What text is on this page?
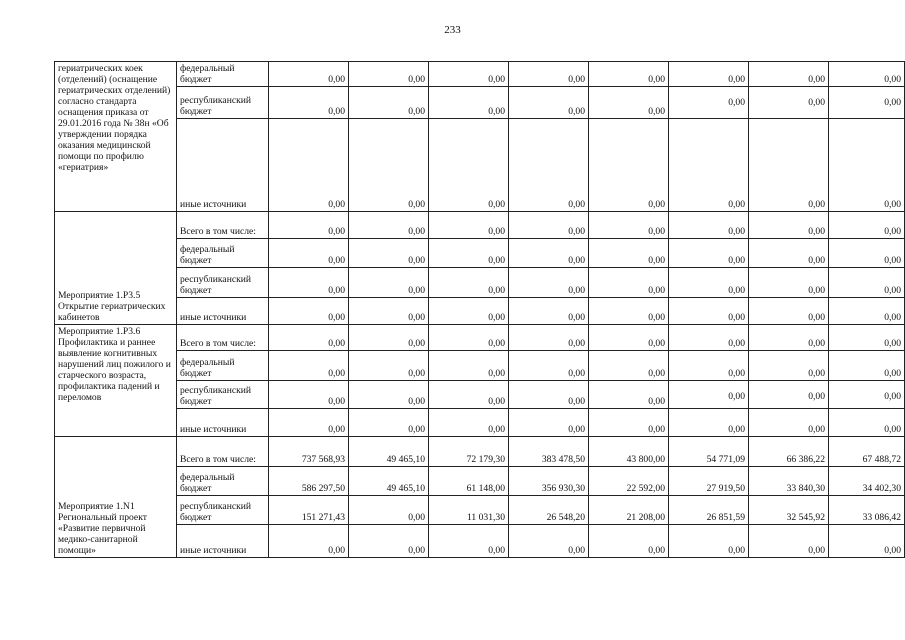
233
гериатрических коек (отделений) (оснащение гериатрических отделений) согласно стандарта оснащения приказа от 29.01.2016 года № 38н «Об утверждении порядка оказания медицинской помощи по профилю «гериатрия»	федеральный бюджет	0,00	0,00	0,00	0,00	0,00	0,00	0,00	0,00
	республиканский бюджет	0,00	0,00	0,00	0,00	0,00	0,00	0,00	0,00
	иные источники	0,00	0,00	0,00	0,00	0,00	0,00	0,00	0,00
Мероприятие 1.Р3.5 Открытие гериатрических кабинетов	Всего в том числе:	0,00	0,00	0,00	0,00	0,00	0,00	0,00	0,00
	федеральный бюджет	0,00	0,00	0,00	0,00	0,00	0,00	0,00	0,00
	республиканский бюджет	0,00	0,00	0,00	0,00	0,00	0,00	0,00	0,00
	иные источники	0,00	0,00	0,00	0,00	0,00	0,00	0,00	0,00
Мероприятие 1.Р3.6 Профилактика и раннее выявление когнитивных нарушений лиц пожилого и старческого возраста, профилактика падений и переломов	Всего в том числе:	0,00	0,00	0,00	0,00	0,00	0,00	0,00	0,00
	федеральный бюджет	0,00	0,00	0,00	0,00	0,00	0,00	0,00	0,00
	республиканский бюджет	0,00	0,00	0,00	0,00	0,00	0,00	0,00	0,00
	иные источники	0,00	0,00	0,00	0,00	0,00	0,00	0,00	0,00
Мероприятие 1.N1 Региональный проект «Развитие первичной медико-санитарной помощи»	Всего в том числе:	737 568,93	49 465,10	72 179,30	383 478,50	43 800,00	54 771,09	66 386,22	67 488,72
	федеральный бюджет	586 297,50	49 465,10	61 148,00	356 930,30	22 592,00	27 919,50	33 840,30	34 402,30
	республиканский бюджет	151 271,43	0,00	11 031,30	26 548,20	21 208,00	26 851,59	32 545,92	33 086,42
	иные источники	0,00	0,00	0,00	0,00	0,00	0,00	0,00	0,00
